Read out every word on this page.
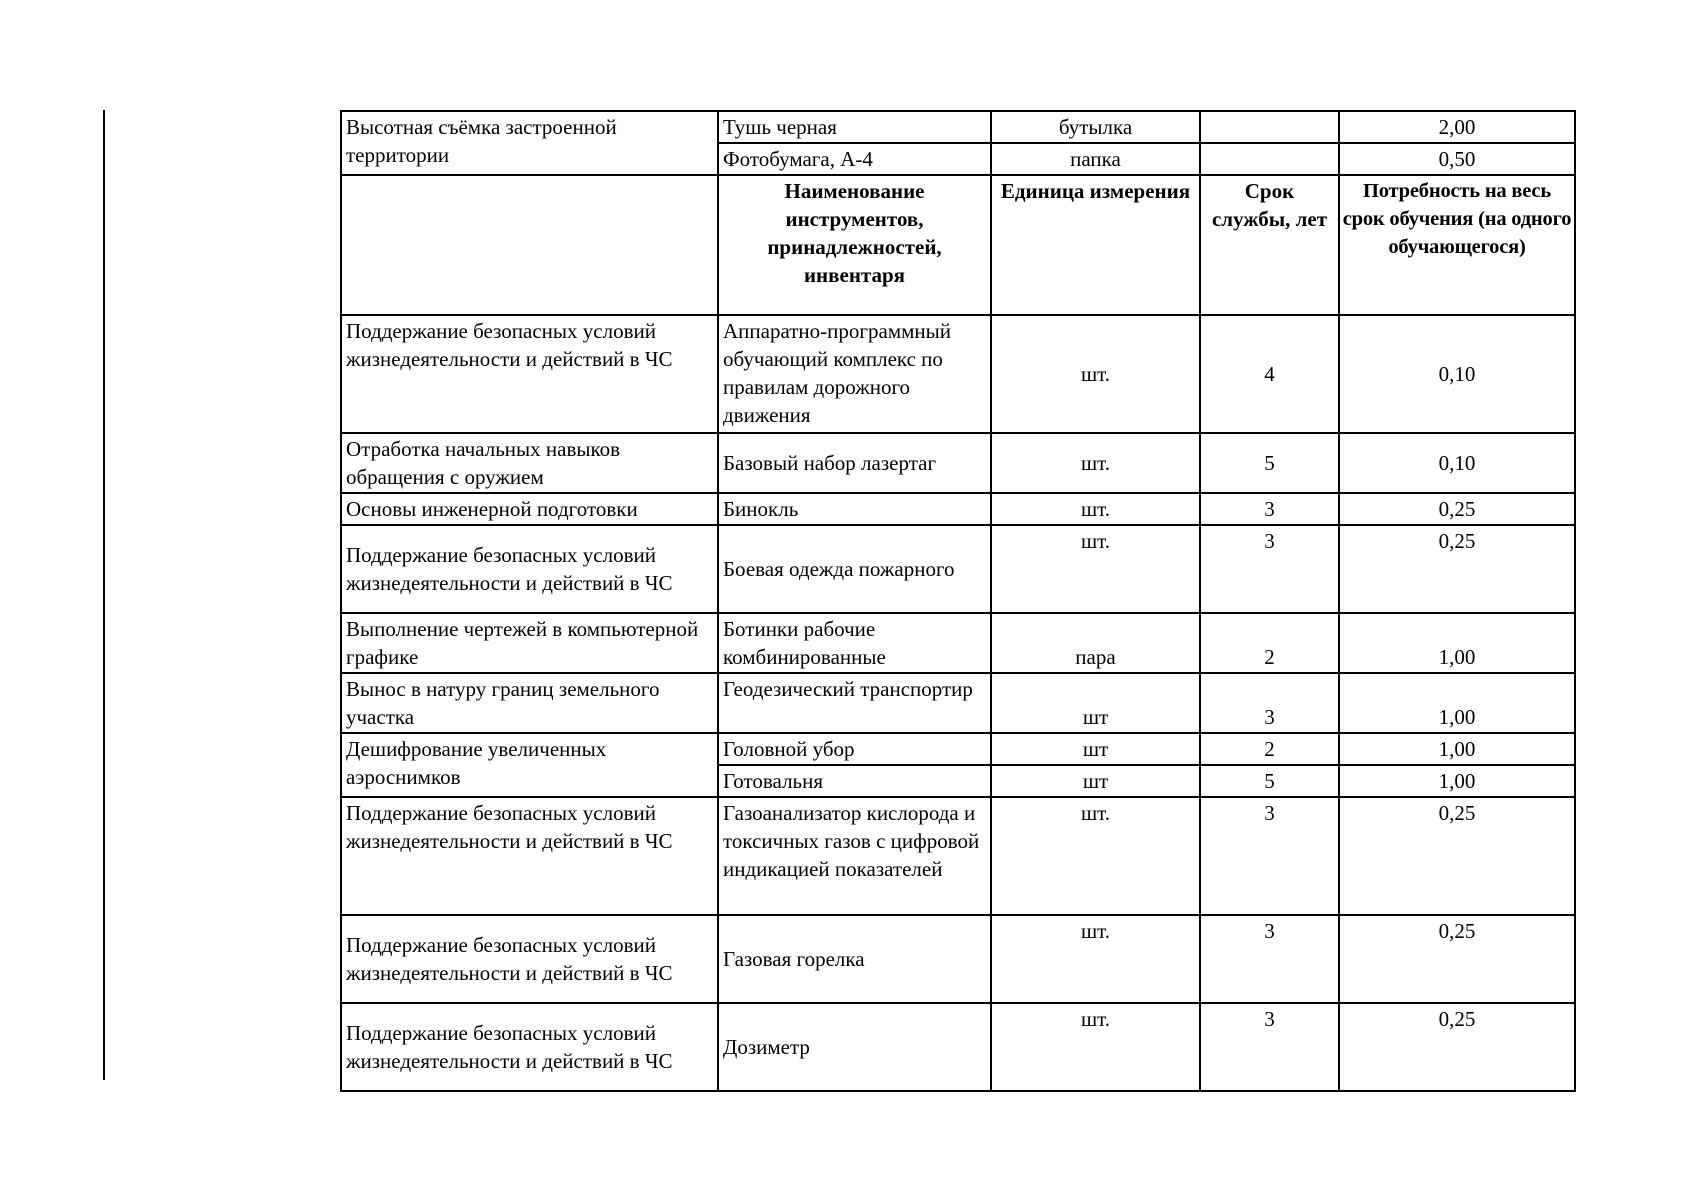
Высотная съёмка застроенной территории	Тушь черная	бутылка		2,00
	Фотобумага, А-4	папка		0,50
	Наименование инструментов, принадлежностей, инвентаря	Единица измерения	Срок службы, лет	Потребность на весь срок обучения (на одного обучающегося)
Поддержание безопасных условий жизнедеятельности и действий в ЧС	Аппаратно-программный обучающий комплекс по правилам дорожного движения	шт.	4	0,10
Отработка начальных навыков обращения с оружием	Базовый набор лазертаг	шт.	5	0,10
Основы инженерной подготовки	Бинокль	шт.	3	0,25
Поддержание безопасных условий жизнедеятельности и действий в ЧС	Боевая одежда пожарного	шт.	3	0,25
Выполнение чертежей в компьютерной графике	Ботинки рабочие комбинированные	пара	2	1,00
Вынос в натуру границ земельного участка	Геодезический транспортир	шт	3	1,00
Дешифрование увеличенных аэроснимков	Головной убор	шт	2	1,00
	Готовальня	шт	5	1,00
Поддержание безопасных условий жизнедеятельности и действий в ЧС	Газоанализатор кислорода и токсичных газов с цифровой индикацией показателей	шт.	3	0,25
Поддержание безопасных условий жизнедеятельности и действий в ЧС	Газовая горелка	шт.	3	0,25
Поддержание безопасных условий жизнедеятельности и действий в ЧС	Дозиметр	шт.	3	0,25
